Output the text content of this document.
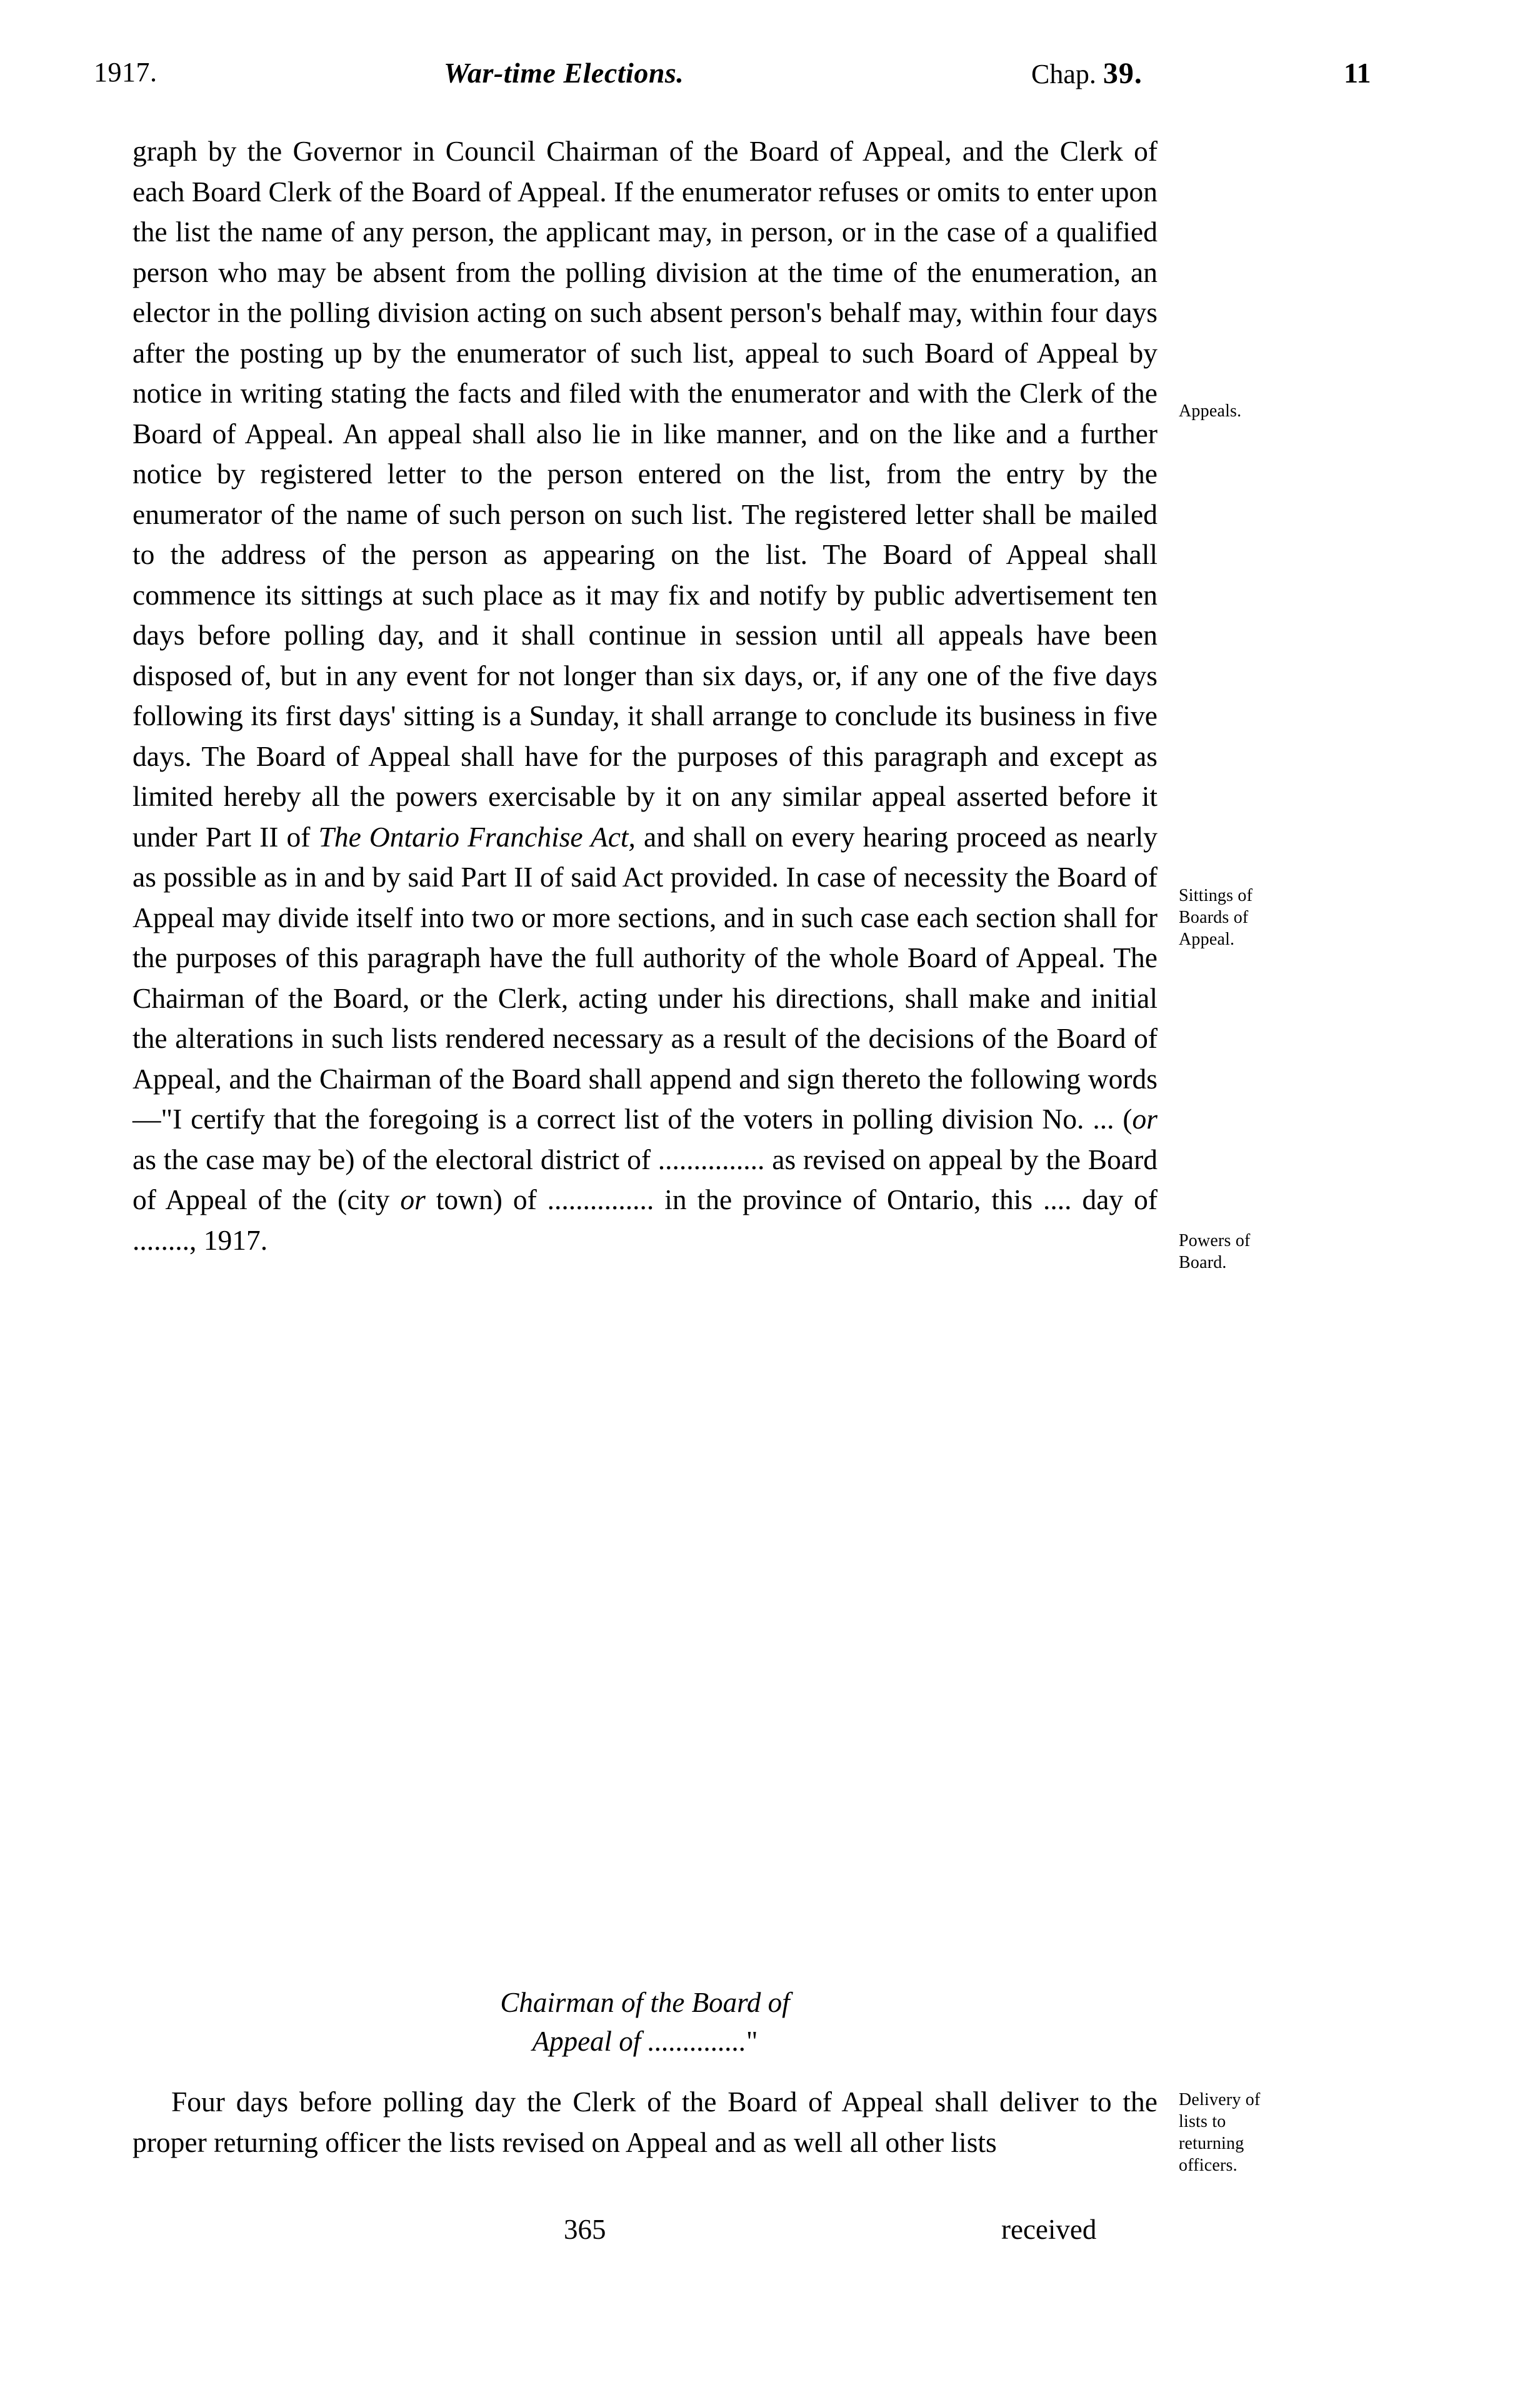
1917.	War-time Elections.	Chap. 39.	11

graph by the Governor in Council Chairman of the Board of Appeal, and the Clerk of each Board Clerk of the Board of Appeal. If the enumerator refuses or omits to enter upon the list the name of any person, the applicant may, in person, or in the case of a qualified person who may be absent from the polling division at the time of the enumeration, an elector in the polling division acting on such absent person's behalf may, within four days after the posting up by the enumerator of such list, appeal to such Board of Appeal by notice in writing stating the facts and filed with the enumerator and with the Clerk of the Board of Appeal. An appeal shall also lie in like manner, and on the like and a further notice by registered letter to the person entered on the list, from the entry by the enumerator of the name of such person on such list. The registered letter shall be mailed to the address of the person as appearing on the list. The Board of Appeal shall commence its sittings at such place as it may fix and notify by public advertisement ten days before polling day, and it shall continue in session until all appeals have been disposed of, but in any event for not longer than six days, or, if any one of the five days following its first days' sitting is a Sunday, it shall arrange to conclude its business in five days. The Board of Appeal shall have for the purposes of this paragraph and except as limited hereby all the powers exercisable by it on any similar appeal asserted before it under Part II of The Ontario Franchise Act, and shall on every hearing proceed as nearly as possible as in and by said Part II of said Act provided. In case of necessity the Board of Appeal may divide itself into two or more sections, and in such case each section shall for the purposes of this paragraph have the full authority of the whole Board of Appeal. The Chairman of the Board, or the Clerk, acting under his directions, shall make and initial the alterations in such lists rendered necessary as a result of the decisions of the Board of Appeal, and the Chairman of the Board shall append and sign thereto the following words—"I certify that the foregoing is a correct list of the voters in polling division No. ... (or as the case may be) of the electoral district of ............... as revised on appeal by the Board of Appeal of the (city or town) of ............... in the province of Ontario, this .... day of ........, 1917.

Chairman of the Board of
Appeal of .............."

Four days before polling day the Clerk of the Board of Appeal shall deliver to the proper returning officer the lists revised on Appeal and as well all other lists

Appeals.
Sittings of
Boards of
Appeal.
Powers of
Board.
Delivery of
lists to
returning
officers.
365	received
